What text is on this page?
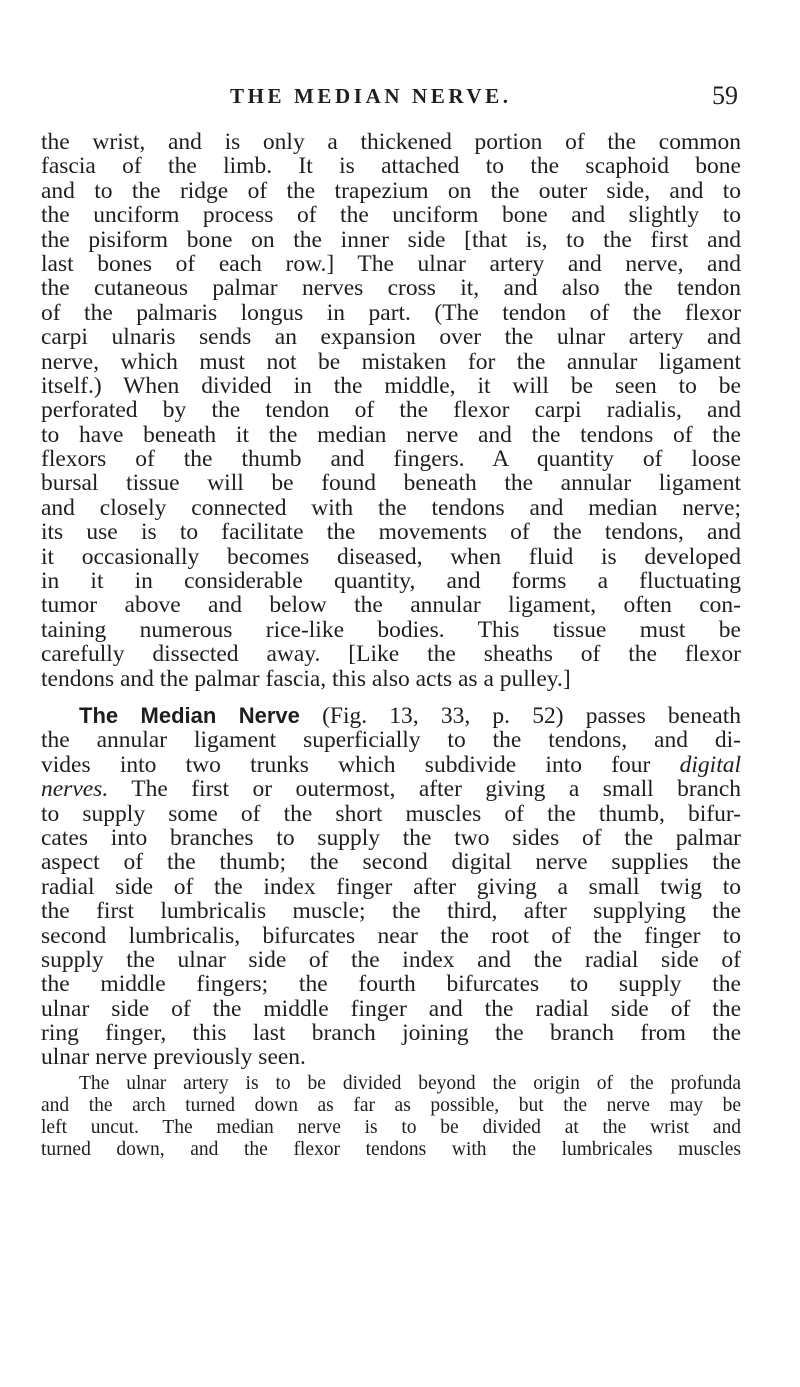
THE MEDIAN NERVE.	59
the wrist, and is only a thickened portion of the common
fascia of the limb. It is attached to the scaphoid bone
and to the ridge of the trapezium on the outer side, and to
the unciform process of the unciform bone and slightly to
the pisiform bone on the inner side [that is, to the first and
last bones of each row.] The ulnar artery and nerve, and
the cutaneous palmar nerves cross it, and also the tendon
of the palmaris longus in part. (The tendon of the flexor
carpi ulnaris sends an expansion over the ulnar artery and
nerve, which must not be mistaken for the annular ligament
itself.) When divided in the middle, it will be seen to be
perforated by the tendon of the flexor carpi radialis, and
to have beneath it the median nerve and the tendons of the
flexors of the thumb and fingers. A quantity of loose
bursal tissue will be found beneath the annular ligament
and closely connected with the tendons and median nerve;
its use is to facilitate the movements of the tendons, and
it occasionally becomes diseased, when fluid is developed
in it in considerable quantity, and forms a fluctuating
tumor above and below the annular ligament, often con-
taining numerous rice-like bodies. This tissue must be
carefully dissected away. [Like the sheaths of the flexor
tendons and the palmar fascia, this also acts as a pulley.]
The Median Nerve (Fig. 13, 33, p. 52) passes beneath
the annular ligament superficially to the tendons, and di-
vides into two trunks which subdivide into four digital
nerves. The first or outermost, after giving a small branch
to supply some of the short muscles of the thumb, bifur-
cates into branches to supply the two sides of the palmar
aspect of the thumb; the second digital nerve supplies the
radial side of the index finger after giving a small twig to
the first lumbricalis muscle; the third, after supplying the
second lumbricalis, bifurcates near the root of the finger to
supply the ulnar side of the index and the radial side of
the middle fingers; the fourth bifurcates to supply the
ulnar side of the middle finger and the radial side of the
ring finger, this last branch joining the branch from the
ulnar nerve previously seen.
The ulnar artery is to be divided beyond the origin of the profunda
and the arch turned down as far as possible, but the nerve may be
left uncut. The median nerve is to be divided at the wrist and
turned down, and the flexor tendons with the lumbricales muscles
